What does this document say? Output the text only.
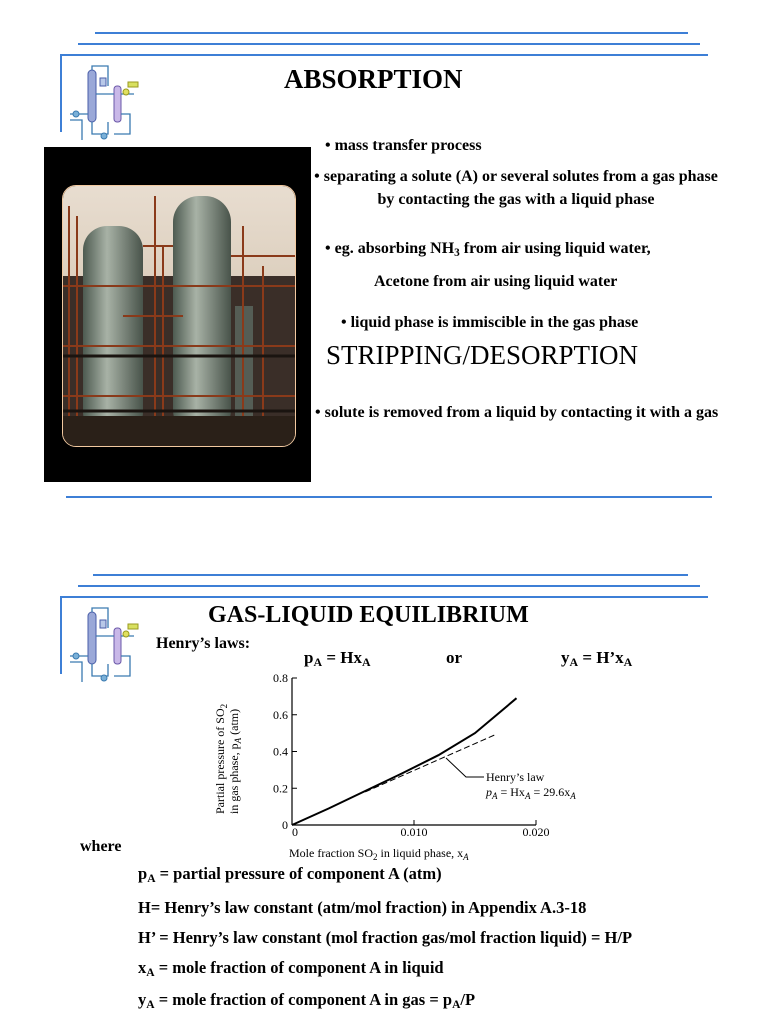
ABSORPTION
• mass transfer process
• separating a solute (A) or several solutes from a gas phase by contacting the gas with a liquid phase
• eg. absorbing $NH_3$ from air using liquid water,
Acetone from air using liquid water
• liquid phase is immiscible in the gas phase
STRIPPING/DESORPTION
• solute is removed from a liquid by contacting it with a gas
GAS-LIQUID EQUILIBRIUM
Henry’s laws:
$p_A = Hx_A$	or	$y_A$ = $H’x_A$
0
0.2
0.4
0.6
0.8
0	0.010	0.020
Partial pressure of $SO_2$
in gas phase, $p_A$ (atm)
Mole fraction $SO_2$ in liquid phase, $x_A$
Henry’s law
$p_A = Hx_A = 29.6x_A$
where
$p_A$ = partial pressure of component A (atm)
H= Henry’s law constant (atm/mol fraction) in Appendix A.3-18
H’ = Henry’s law constant (mol fraction gas/mol fraction liquid) = H/P
$x_A$ = mole fraction of component A in liquid
$y_A$ = mole fraction of component A in gas = $p_A/P$
